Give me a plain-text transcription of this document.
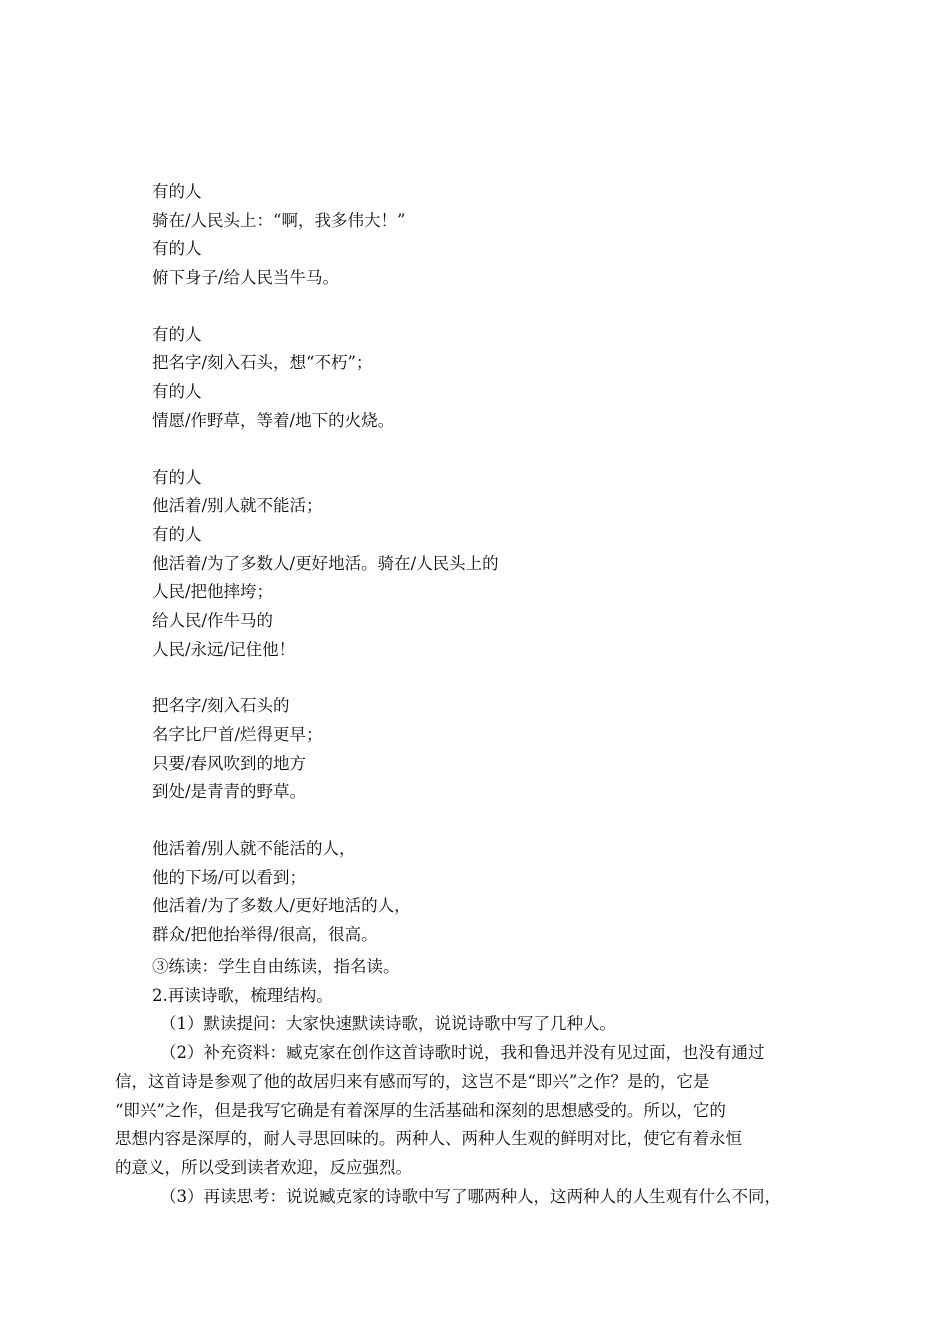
有的人
骑在/人民头上：“啊，我多伟大！”
有的人
俯下身子/给人民当牛马。
有的人
把名字/刻入石头，想“不朽”；
有的人
情愿/作野草，等着/地下的火烧。
有的人
他活着/别人就不能活；
有的人
他活着/为了多数人/更好地活。骑在/人民头上的
人民/把他摔垮；
给人民/作牛马的
人民/永远/记住他！
把名字/刻入石头的
名字比尸首/烂得更早；
只要/春风吹到的地方
到处/是青青的野草。
他活着/别人就不能活的人，
他的下场/可以看到；
他活着/为了多数人/更好地活的人，
群众/把他抬举得/很高，很高。
③练读：学生自由练读，指名读。
2.再读诗歌，梳理结构。
（1）默读提问：大家快速默读诗歌，说说诗歌中写了几种人。
（2）补充资料：臧克家在创作这首诗歌时说，我和鲁迅并没有见过面，也没有通过
信，这首诗是参观了他的故居归来有感而写的，这岂不是“即兴”之作？是的，它是
“即兴”之作，但是我写它确是有着深厚的生活基础和深刻的思想感受的。所以，它的
思想内容是深厚的，耐人寻思回味的。两种人、两种人生观的鲜明对比，使它有着永恒
的意义，所以受到读者欢迎，反应强烈。
（3）再读思考：说说臧克家的诗歌中写了哪两种人，这两种人的人生观有什么不同，
